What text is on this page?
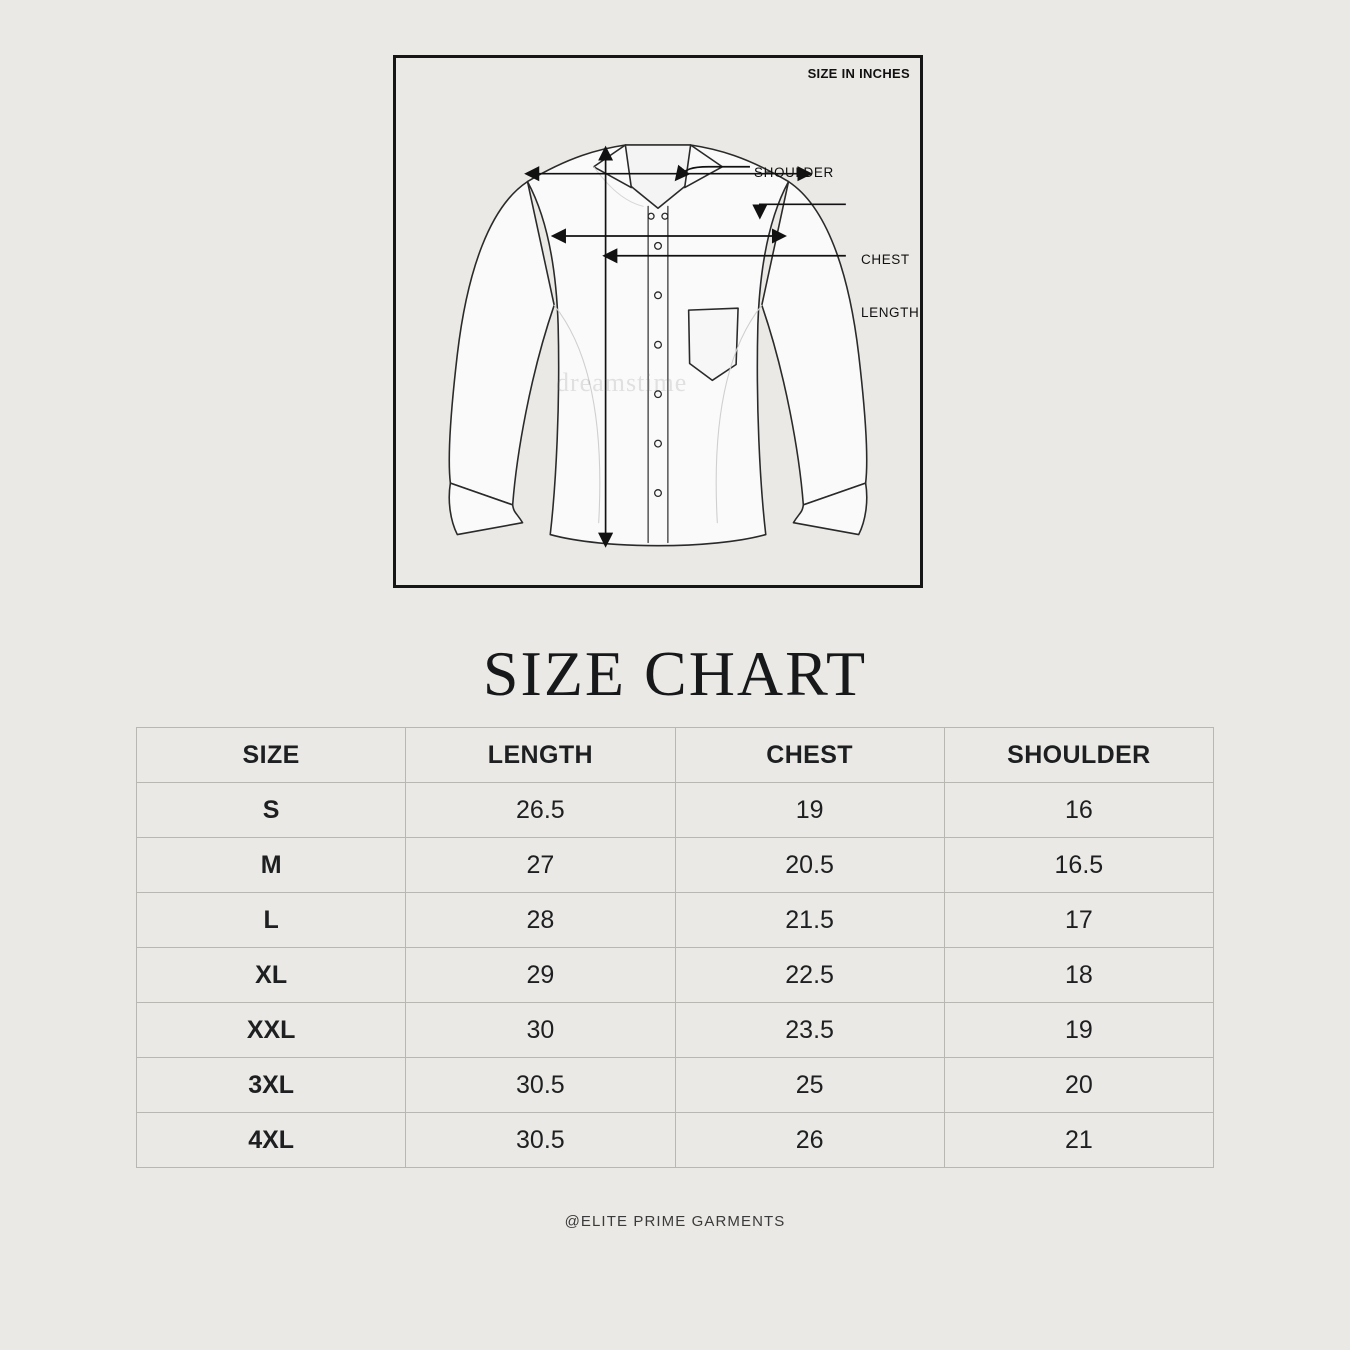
SIZE IN INCHES
SHOULDER
CHEST
LENGTH
dreamstime
SIZE CHART
SIZE	LENGTH	CHEST	SHOULDER
S	26.5	19	16
M	27	20.5	16.5
L	28	21.5	17
XL	29	22.5	18
XXL	30	23.5	19
3XL	30.5	25	20
4XL	30.5	26	21
@ELITE PRIME GARMENTS
